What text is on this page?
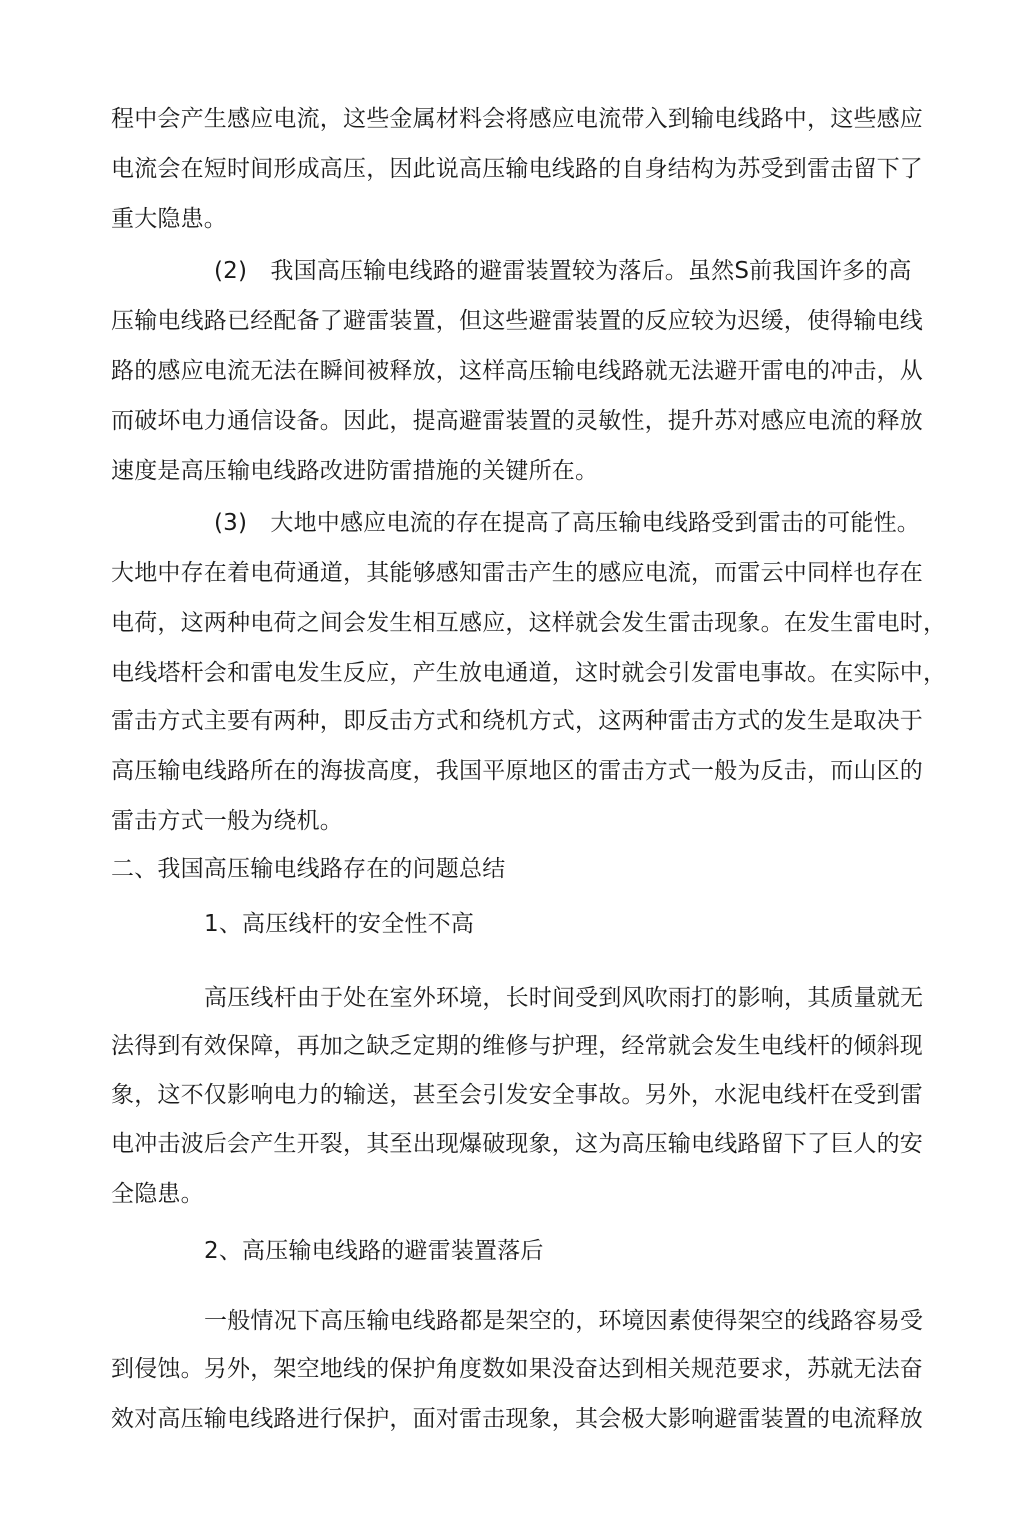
程中会产生感应电流，这些金属材料会将感应电流带入到输电线路中，这些感应
电流会在短时间形成高压，因此说高压输电线路的自身结构为苏受到雷击留下了
重大隐患。
(2)　我国高压输电线路的避雷装置较为落后。虽然S前我国许多的高
压输电线路已经配备了避雷装置，但这些避雷装置的反应较为迟缓，使得输电线
路的感应电流无法在瞬间被释放，这样高压输电线路就无法避开雷电的冲击，从
而破坏电力通信设备。因此，提高避雷装置的灵敏性，提升苏对感应电流的释放
速度是高压输电线路改进防雷措施的关键所在。
(3)　大地中感应电流的存在提高了高压输电线路受到雷击的可能性。
大地中存在着电荷通道，其能够感知雷击产生的感应电流，而雷云中同样也存在
电荷，这两种电荷之间会发生相互感应，这样就会发生雷击现象。在发生雷电时，
电线塔杆会和雷电发生反应，产生放电通道，这时就会引发雷电事故。在实际中，
雷击方式主要有两种，即反击方式和绕机方式，这两种雷击方式的发生是取决于
高压输电线路所在的海拔高度，我国平原地区的雷击方式一般为反击，而山区的
雷击方式一般为绕机。
二、我国高压输电线路存在的问题总结
1、高压线杆的安全性不高
高压线杆由于处在室外环境，长时间受到风吹雨打的影响，其质量就无
法得到有效保障，再加之缺乏定期的维修与护理，经常就会发生电线杆的倾斜现
象，这不仅影响电力的输送，甚至会引发安全事故。另外，水泥电线杆在受到雷
电冲击波后会产生开裂，其至出现爆破现象，这为高压输电线路留下了巨人的安
全隐患。
2、高压输电线路的避雷装置落后
一般情况下高压输电线路都是架空的，环境因素使得架空的线路容易受
到侵蚀。另外，架空地线的保护角度数如果没奋达到相关规范要求，苏就无法奋
效对高压输电线路进行保护，面对雷击现象，其会极大影响避雷装置的电流释放
